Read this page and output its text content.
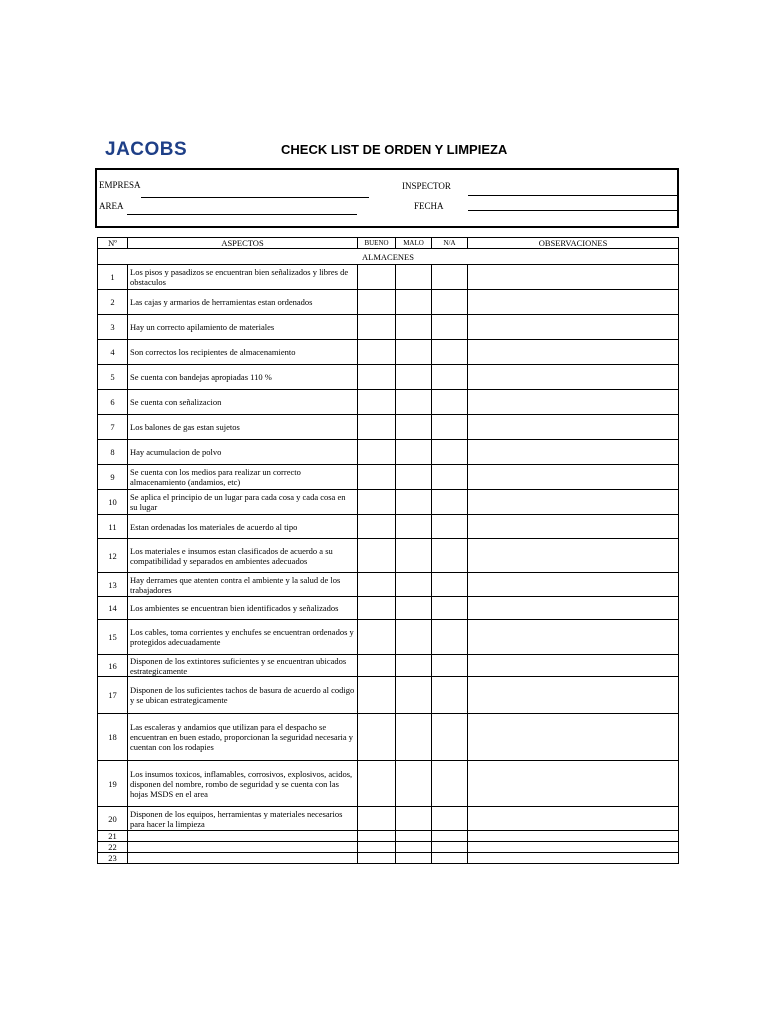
JACOBS	CHECK LIST DE ORDEN Y LIMPIEZA
EMPRESA
AREA
INSPECTOR
FECHA
Nº	ASPECTOS	BUENO	MALO	N/A	OBSERVACIONES
ALMACENES					
1	Los pisos y pasadizos se encuentran bien señalizados y libres de obstaculos				
2	Las cajas y armarios de herramientas estan ordenados				
3	Hay un correcto apilamiento de materiales				
4	Son correctos los recipientes de almacenamiento				
5	Se cuenta con bandejas apropiadas 110 %				
6	Se cuenta con señalizacion				
7	Los balones de gas estan sujetos				
8	Hay acumulacion de polvo				
9	Se cuenta con los medios para realizar un correcto almacenamiento (andamios, etc)				
10	Se aplica el principio de un lugar para cada cosa y cada cosa en su lugar				
11	Estan ordenadas los materiales de acuerdo al tipo				
12	Los materiales e insumos estan clasificados de acuerdo a su compatibilidad y separados en ambientes adecuados				
13	Hay derrames que atenten contra el ambiente y la salud de los trabajadores				
14	Los ambientes se encuentran bien identificados y señalizados				
15	Los cables, toma corrientes y enchufes se encuentran ordenados y protegidos adecuadamente				
16	Disponen de los extintores suficientes y se encuentran ubicados estrategicamente				
17	Disponen de los suficientes tachos de basura de acuerdo al codigo y se ubican estrategicamente				
18	Las escaleras y andamios que utilizan para el despacho se encuentran en buen estado, proporcionan la seguridad necesaria y cuentan con los rodapies				
19	Los insumos toxicos, inflamables, corrosivos, explosivos, acidos, disponen del nombre, rombo de seguridad y se cuenta con las hojas MSDS en el area				
20	Disponen de los equipos, herramientas y materiales necesarios para hacer la limpieza				
21					
22					
23					
